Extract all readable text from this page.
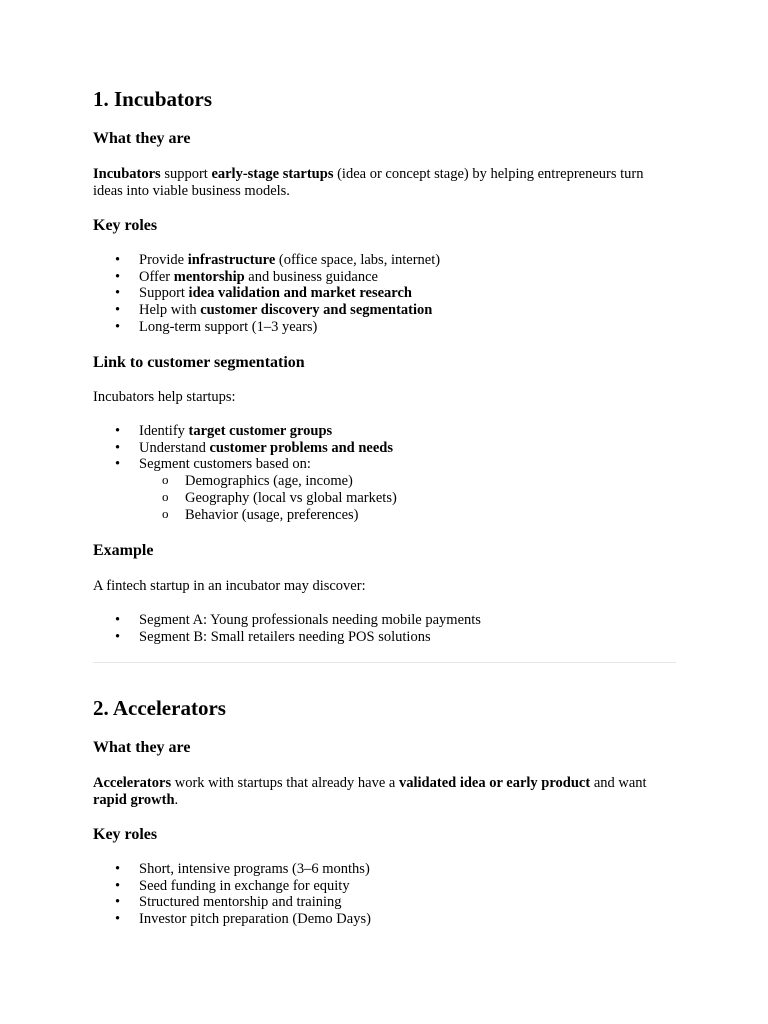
1. Incubators
What they are

Incubators support early-stage startups (idea or concept stage) by helping entrepreneurs turn ideas into viable business models.

Key roles
• Provide infrastructure (office space, labs, internet)
• Offer mentorship and business guidance
• Support idea validation and market research
• Help with customer discovery and segmentation
• Long-term support (1–3 years)
Link to customer segmentation

Incubators help startups:

• Identify target customer groups
• Understand customer problems and needs
• Segment customers based on:
o Demographics (age, income)
o Geography (local vs global markets)
o Behavior (usage, preferences)
Example

A fintech startup in an incubator may discover:

• Segment A: Young professionals needing mobile payments
• Segment B: Small retailers needing POS solutions
2. Accelerators
What they are

Accelerators work with startups that already have a validated idea or early product and want rapid growth.

Key roles
• Short, intensive programs (3–6 months)
• Seed funding in exchange for equity
• Structured mentorship and training
• Investor pitch preparation (Demo Days)
